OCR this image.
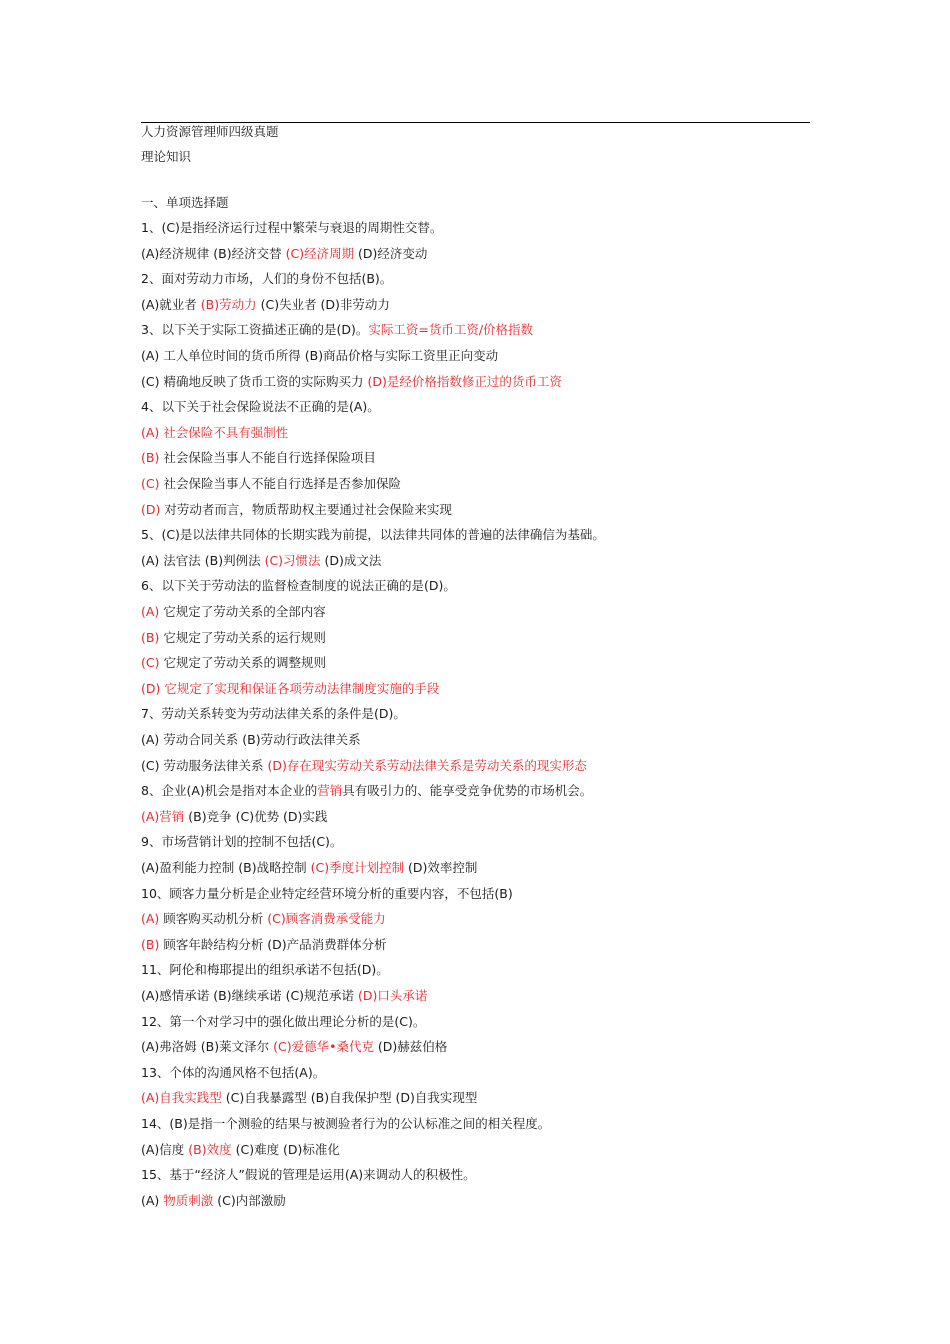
人力资源管理师四级真题
理论知识
一、单项选择题
1、(C)是指经济运行过程中繁荣与衰退的周期性交替。
(A)经济规律 (B)经济交替 (C)经济周期 (D)经济变动
2、面对劳动力市场，人们的身份不包括(B)。
(A)就业者 (B)劳动力 (C)失业者 (D)非劳动力
3、以下关于实际工资描述正确的是(D)。实际工资=货币工资/价格指数
(A) 工人单位时间的货币所得 (B)商品价格与实际工资里正向变动
(C) 精确地反映了货币工资的实际购买力 (D)是经价格指数修正过的货币工资
4、以下关于社会保险说法不正确的是(A)。
(A) 社会保险不具有强制性
(B) 社会保险当事人不能自行选择保险项目
(C) 社会保险当事人不能自行选择是否参加保险
(D) 对劳动者而言，物质帮助权主要通过社会保险来实现
5、(C)是以法律共同体的长期实践为前提，以法律共同体的普遍的法律确信为基础。
(A) 法官法 (B)判例法 (C)习惯法 (D)成文法
6、以下关于劳动法的监督检查制度的说法正确的是(D)。
(A) 它规定了劳动关系的全部内容
(B) 它规定了劳动关系的运行规则
(C) 它规定了劳动关系的调整规则
(D) 它规定了实现和保证各项劳动法律制度实施的手段
7、劳动关系转变为劳动法律关系的条件是(D)。
(A) 劳动合同关系 (B)劳动行政法律关系
(C) 劳动服务法律关系 (D)存在现实劳动关系劳动法律关系是劳动关系的现实形态
8、企业(A)机会是指对本企业的营销具有吸引力的、能享受竞争优势的市场机会。
(A)营销 (B)竞争 (C)优势 (D)实践
9、市场营销计划的控制不包括(C)。
(A)盈利能力控制 (B)战略控制 (C)季度计划控制 (D)效率控制
10、顾客力量分析是企业特定经营环境分析的重要内容，不包括(B)
(A) 顾客购买动机分析 (C)顾客消费承受能力
(B) 顾客年龄结构分析 (D)产品消费群体分析
11、阿伦和梅耶提出的组织承诺不包括(D)。
(A)感情承诺 (B)继续承诺 (C)规范承诺 (D)口头承诺
12、第一个对学习中的强化做出理论分析的是(C)。
(A)弗洛姆 (B)莱文泽尔 (C)爱德华•桑代克 (D)赫兹伯格
13、个体的沟通风格不包括(A)。
(A)自我实践型 (C)自我暴露型 (B)自我保护型 (D)自我实现型
14、(B)是指一个测验的结果与被测验者行为的公认标准之间的相关程度。
(A)信度 (B)效度 (C)难度 (D)标准化
15、基于“经济人”假说的管理是运用(A)来调动人的积极性。
(A) 物质刺激 (C)内部激励
